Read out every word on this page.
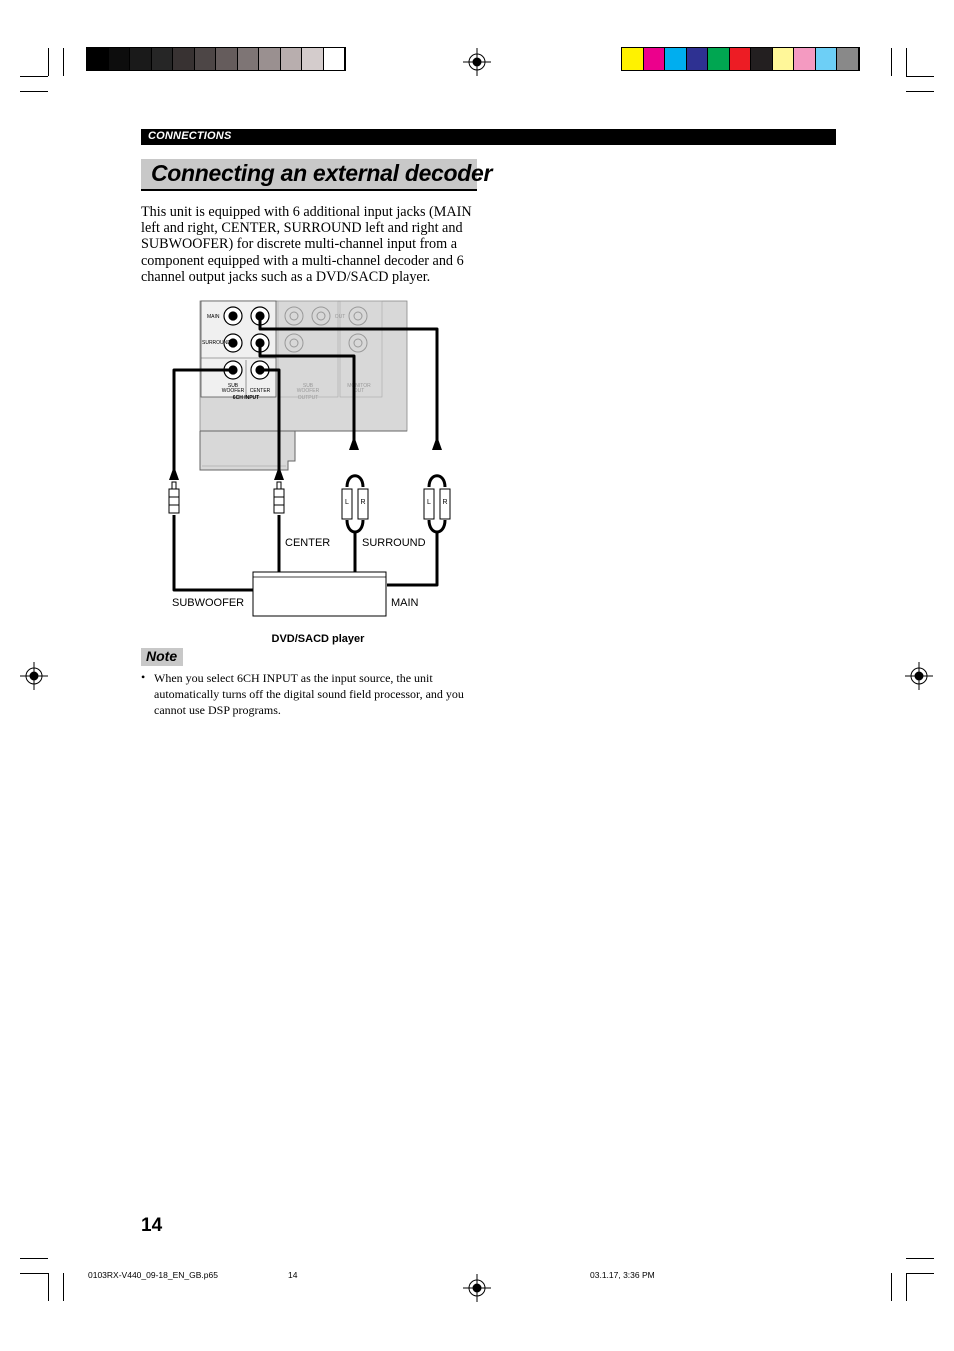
CONNECTIONS
Connecting an external decoder
This unit is equipped with 6 additional input jacks (MAIN left and right, CENTER, SURROUND left and right and SUBWOOFER) for discrete multi-channel input from a component equipped with a multi-channel decoder and 6 channel output jacks such as a DVD/SACD player.
MAIN
SURROUND
SUB
WOOFER CENTER
6CH INPUT
OUT
SUB
WOOFER
OUTPUT
MONITOR
OUT
L R	L R
CENTER	SURROUND
SUBWOOFER	MAIN
DVD/SACD player
Note
• When you select 6CH INPUT as the input source, the unit automatically turns off the digital sound field processor, and you cannot use DSP programs.
14
0103RX-V440_09-18_EN_GB.p65	14	03.1.17, 3:36 PM
